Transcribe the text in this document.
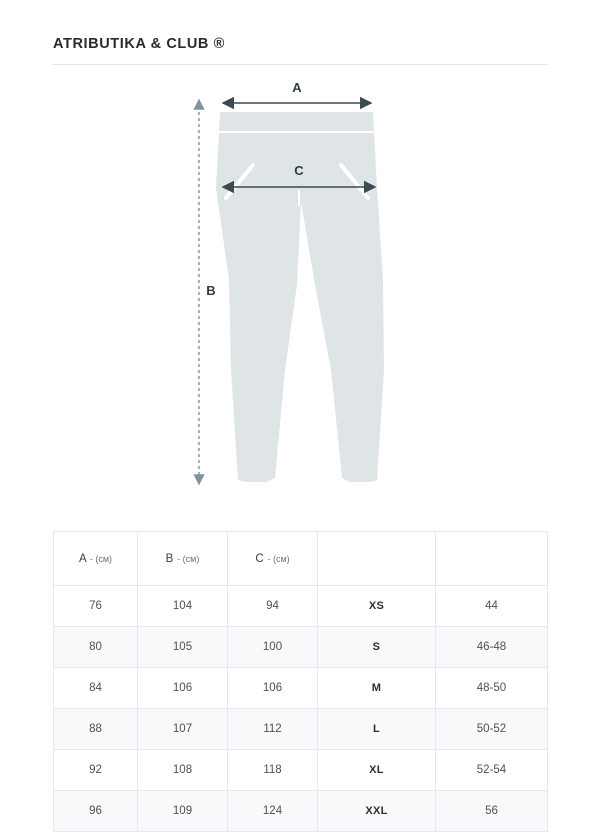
ATRIBUTIKA & CLUB ®
A
C
B
A - (см)	B - (см)	C - (см)		
76	104	94	XS	44
80	105	100	S	46-48
84	106	106	M	48-50
88	107	112	L	50-52
92	108	118	XL	52-54
96	109	124	XXL	56
